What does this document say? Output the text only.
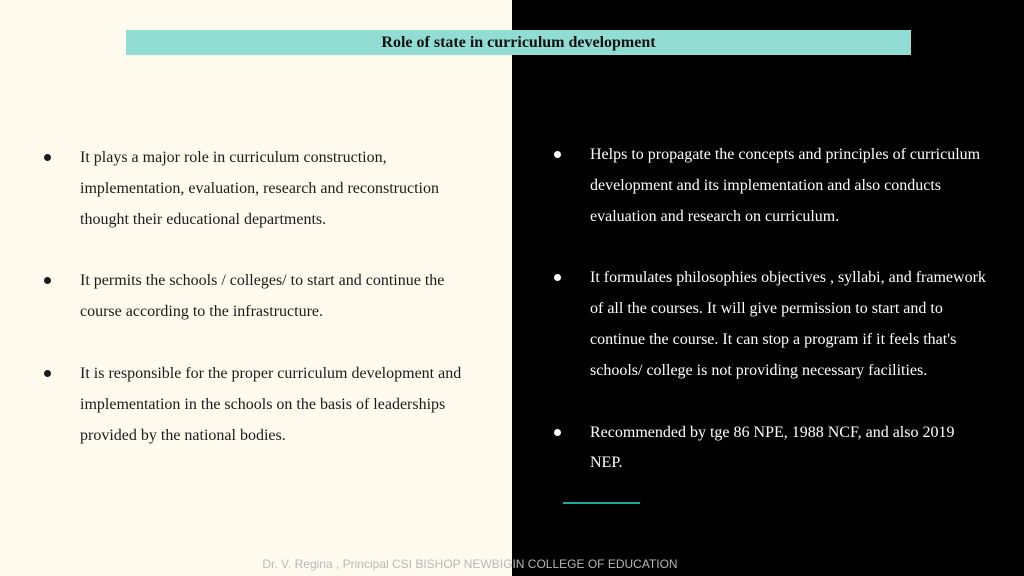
Role of state in curriculum development
It plays a major role in curriculum construction, implementation, evaluation, research and reconstruction thought their educational departments.
It permits the schools / colleges/ to start and continue the course according to the infrastructure.
It is responsible for the proper curriculum development and implementation in the schools on the basis of leaderships provided by the national bodies.
Helps to propagate the concepts and principles of curriculum development and its implementation and also conducts evaluation and research on curriculum.
It formulates philosophies objectives , syllabi, and framework of all the courses. It will give permission to start and to continue the course. It can stop a program if it feels that's schools/ college is not providing necessary facilities.
Recommended by tge 86 NPE, 1988 NCF, and also 2019 NEP.
Dr. V. Regina , Principal CSI BISHOP NEWBIGIN COLLEGE OF EDUCATION
